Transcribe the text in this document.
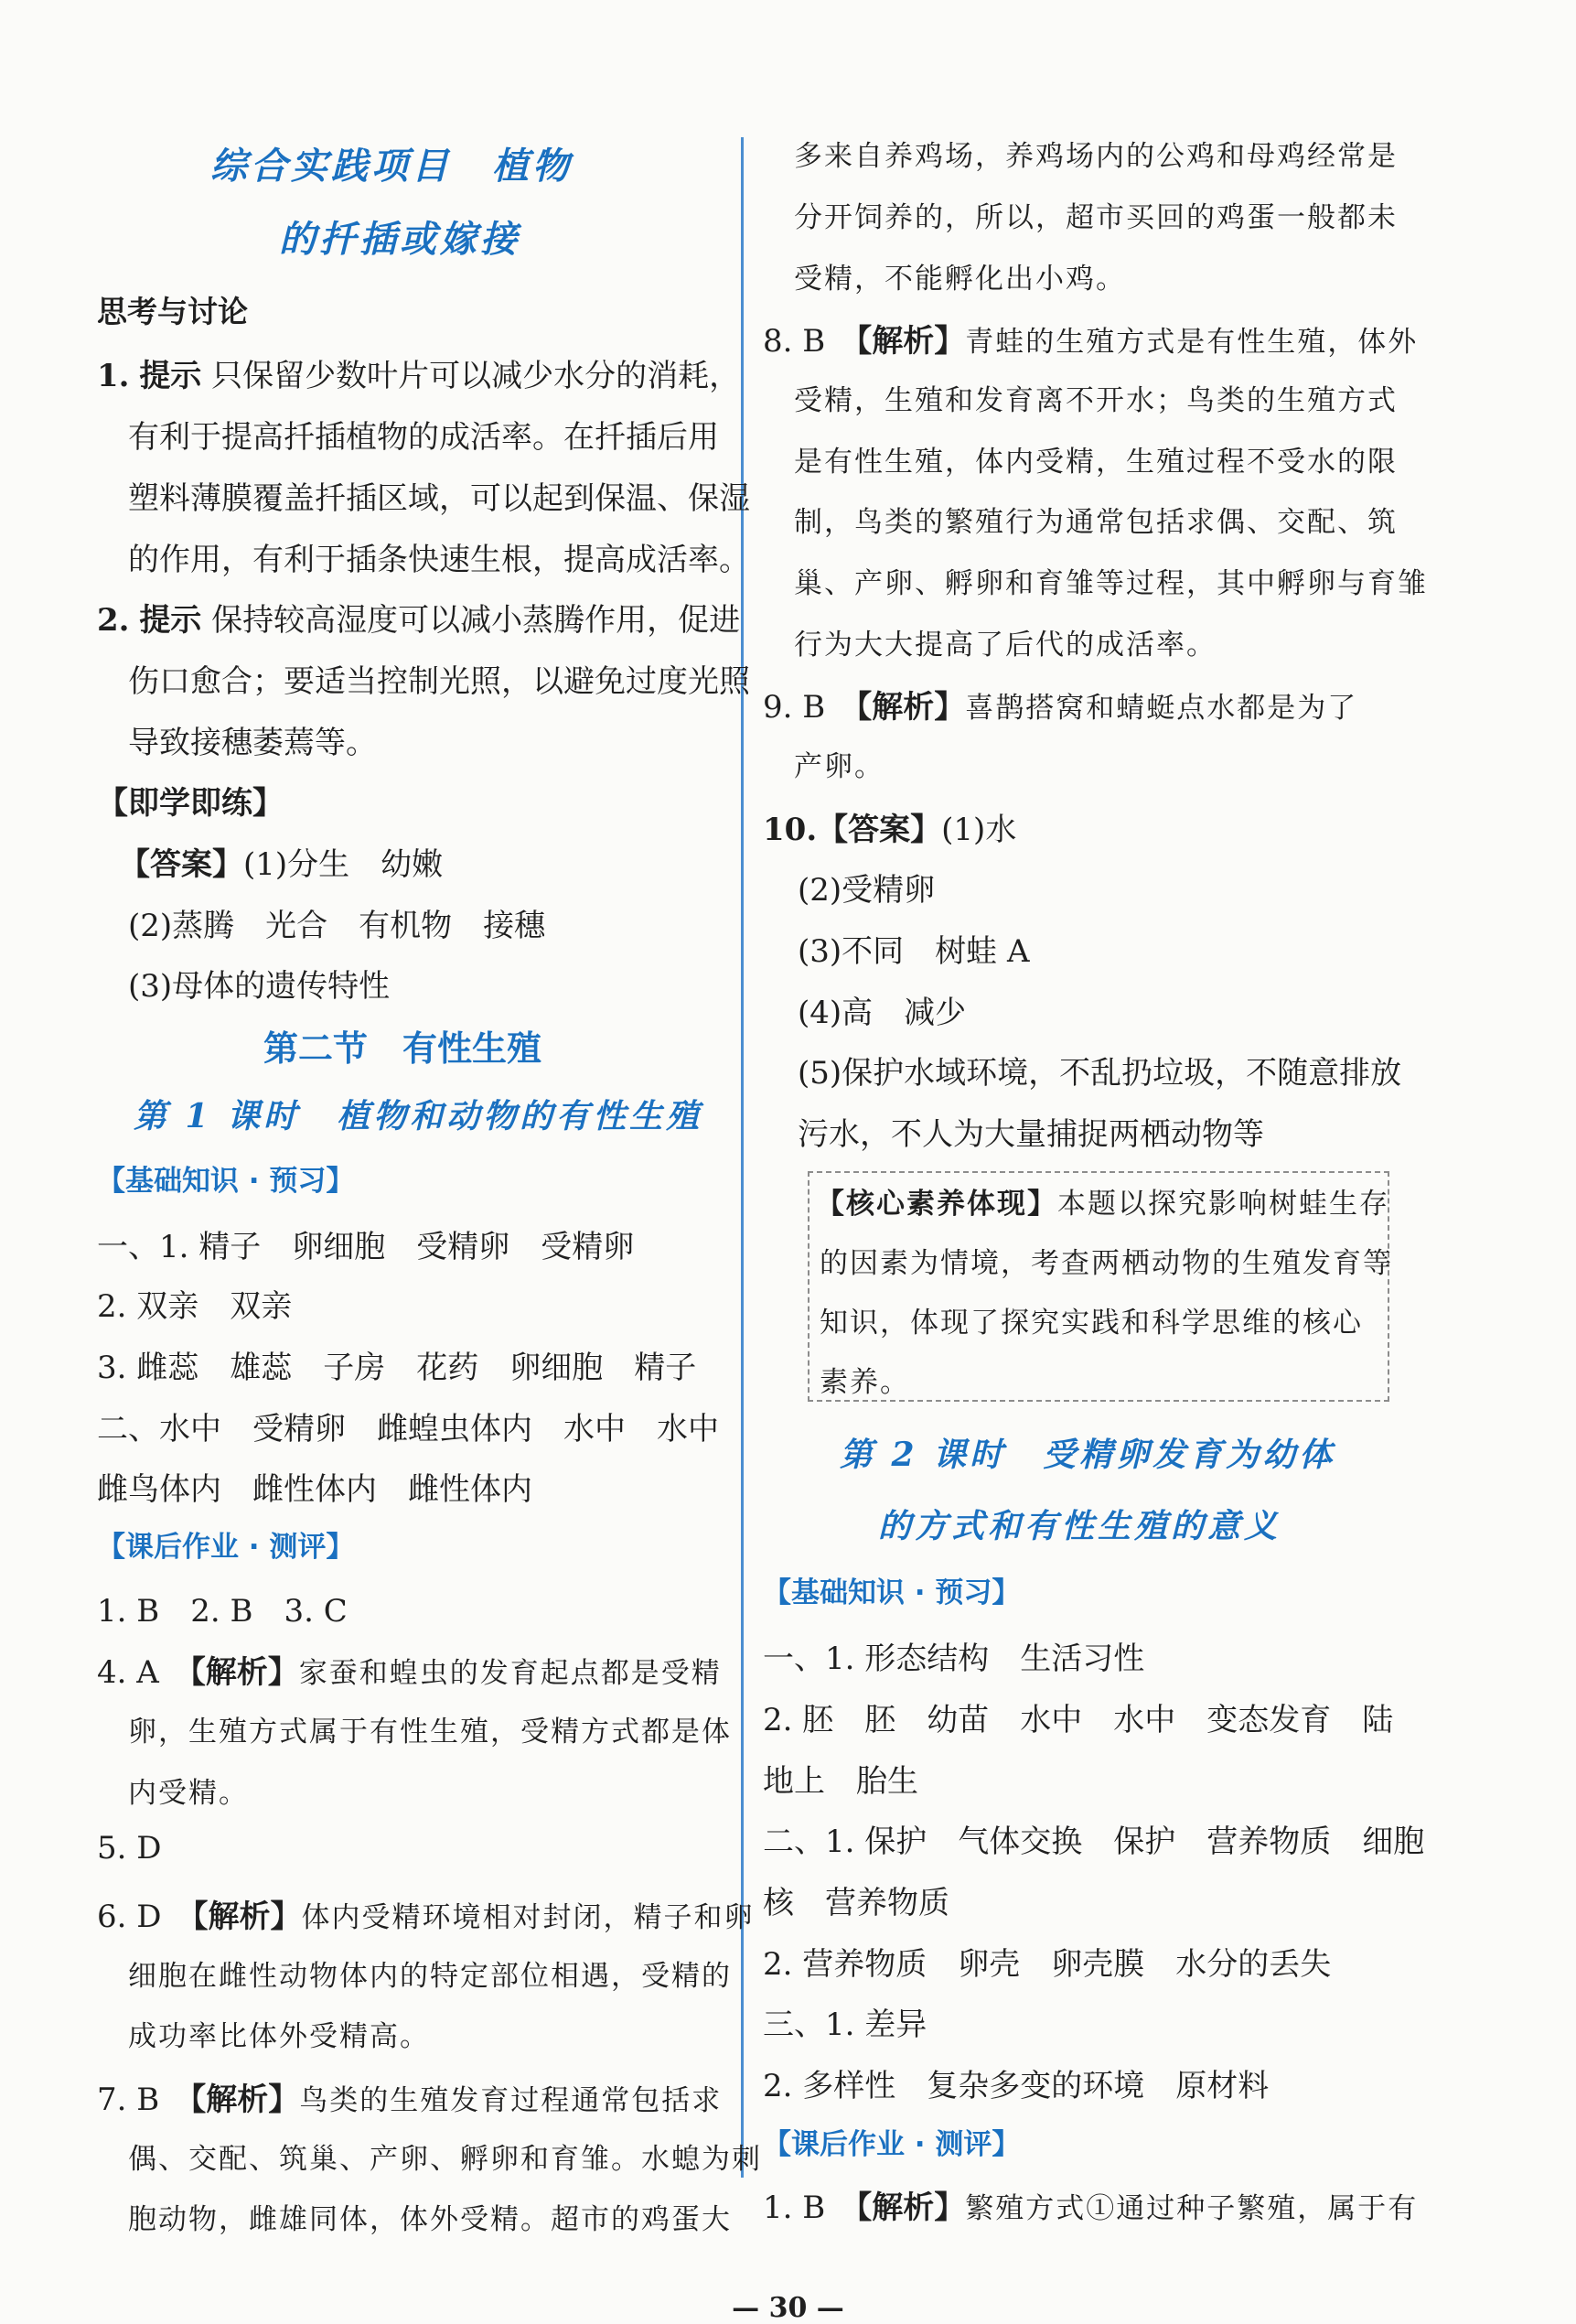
综合实践项目　植物
的扦插或嫁接
思考与讨论
1. 提示 只保留少数叶片可以减少水分的消耗，
有利于提高扦插植物的成活率。在扦插后用
塑料薄膜覆盖扦插区域，可以起到保温、保湿
的作用，有利于插条快速生根，提高成活率。
2. 提示 保持较高湿度可以减小蒸腾作用，促进
伤口愈合；要适当控制光照，以避免过度光照
导致接穗萎蔫等。
【即学即练】
【答案】(1)分生　幼嫩
(2)蒸腾　光合　有机物　接穗
(3)母体的遗传特性
第二节　有性生殖
第 1 课时　植物和动物的有性生殖
【基础知识 · 预习】
一、1. 精子　卵细胞　受精卵　受精卵
2. 双亲　双亲
3. 雌蕊　雄蕊　子房　花药　卵细胞　精子
二、水中　受精卵　雌蝗虫体内　水中　水中
雌鸟体内　雌性体内　雌性体内
【课后作业 · 测评】
1. B　2. B　3. C
4. A　 【解析】家蚕和蝗虫的发育起点都是受精
卵，生殖方式属于有性生殖，受精方式都是体
内受精。
5. D
6. D　 【解析】体内受精环境相对封闭，精子和卵
细胞在雌性动物体内的特定部位相遇，受精的
成功率比体外受精高。
7. B　 【解析】鸟类的生殖发育过程通常包括求
偶、交配、筑巢、产卵、孵卵和育雏。水螅为刺
胞动物，雌雄同体，体外受精。超市的鸡蛋大
多来自养鸡场，养鸡场内的公鸡和母鸡经常是
分开饲养的，所以，超市买回的鸡蛋一般都未
受精，不能孵化出小鸡。
8. B　 【解析】青蛙的生殖方式是有性生殖，体外
受精，生殖和发育离不开水；鸟类的生殖方式
是有性生殖，体内受精，生殖过程不受水的限
制，鸟类的繁殖行为通常包括求偶、交配、筑
巢、产卵、孵卵和育雏等过程，其中孵卵与育雏
行为大大提高了后代的成活率。
9. B　 【解析】喜鹊搭窝和蜻蜓点水都是为了
产卵。
10.【答案】(1)水
(2)受精卵
(3)不同　树蛙 A
(4)高　减少
(5)保护水域环境，不乱扔垃圾，不随意排放
污水，不人为大量捕捉两栖动物等
【核心素养体现】本题以探究影响树蛙生存
的因素为情境，考查两栖动物的生殖发育等
知识，体现了探究实践和科学思维的核心
素养。
第 2 课时　受精卵发育为幼体
的方式和有性生殖的意义
【基础知识 · 预习】
一、1. 形态结构　生活习性
2. 胚　胚　幼苗　水中　水中　变态发育　陆
地上　胎生
二、1. 保护　气体交换　保护　营养物质　细胞
核　营养物质
2. 营养物质　卵壳　卵壳膜　水分的丢失
三、1. 差异
2. 多样性　复杂多变的环境　原材料
【课后作业 · 测评】
1. B　 【解析】繁殖方式①通过种子繁殖，属于有
— 30 —
